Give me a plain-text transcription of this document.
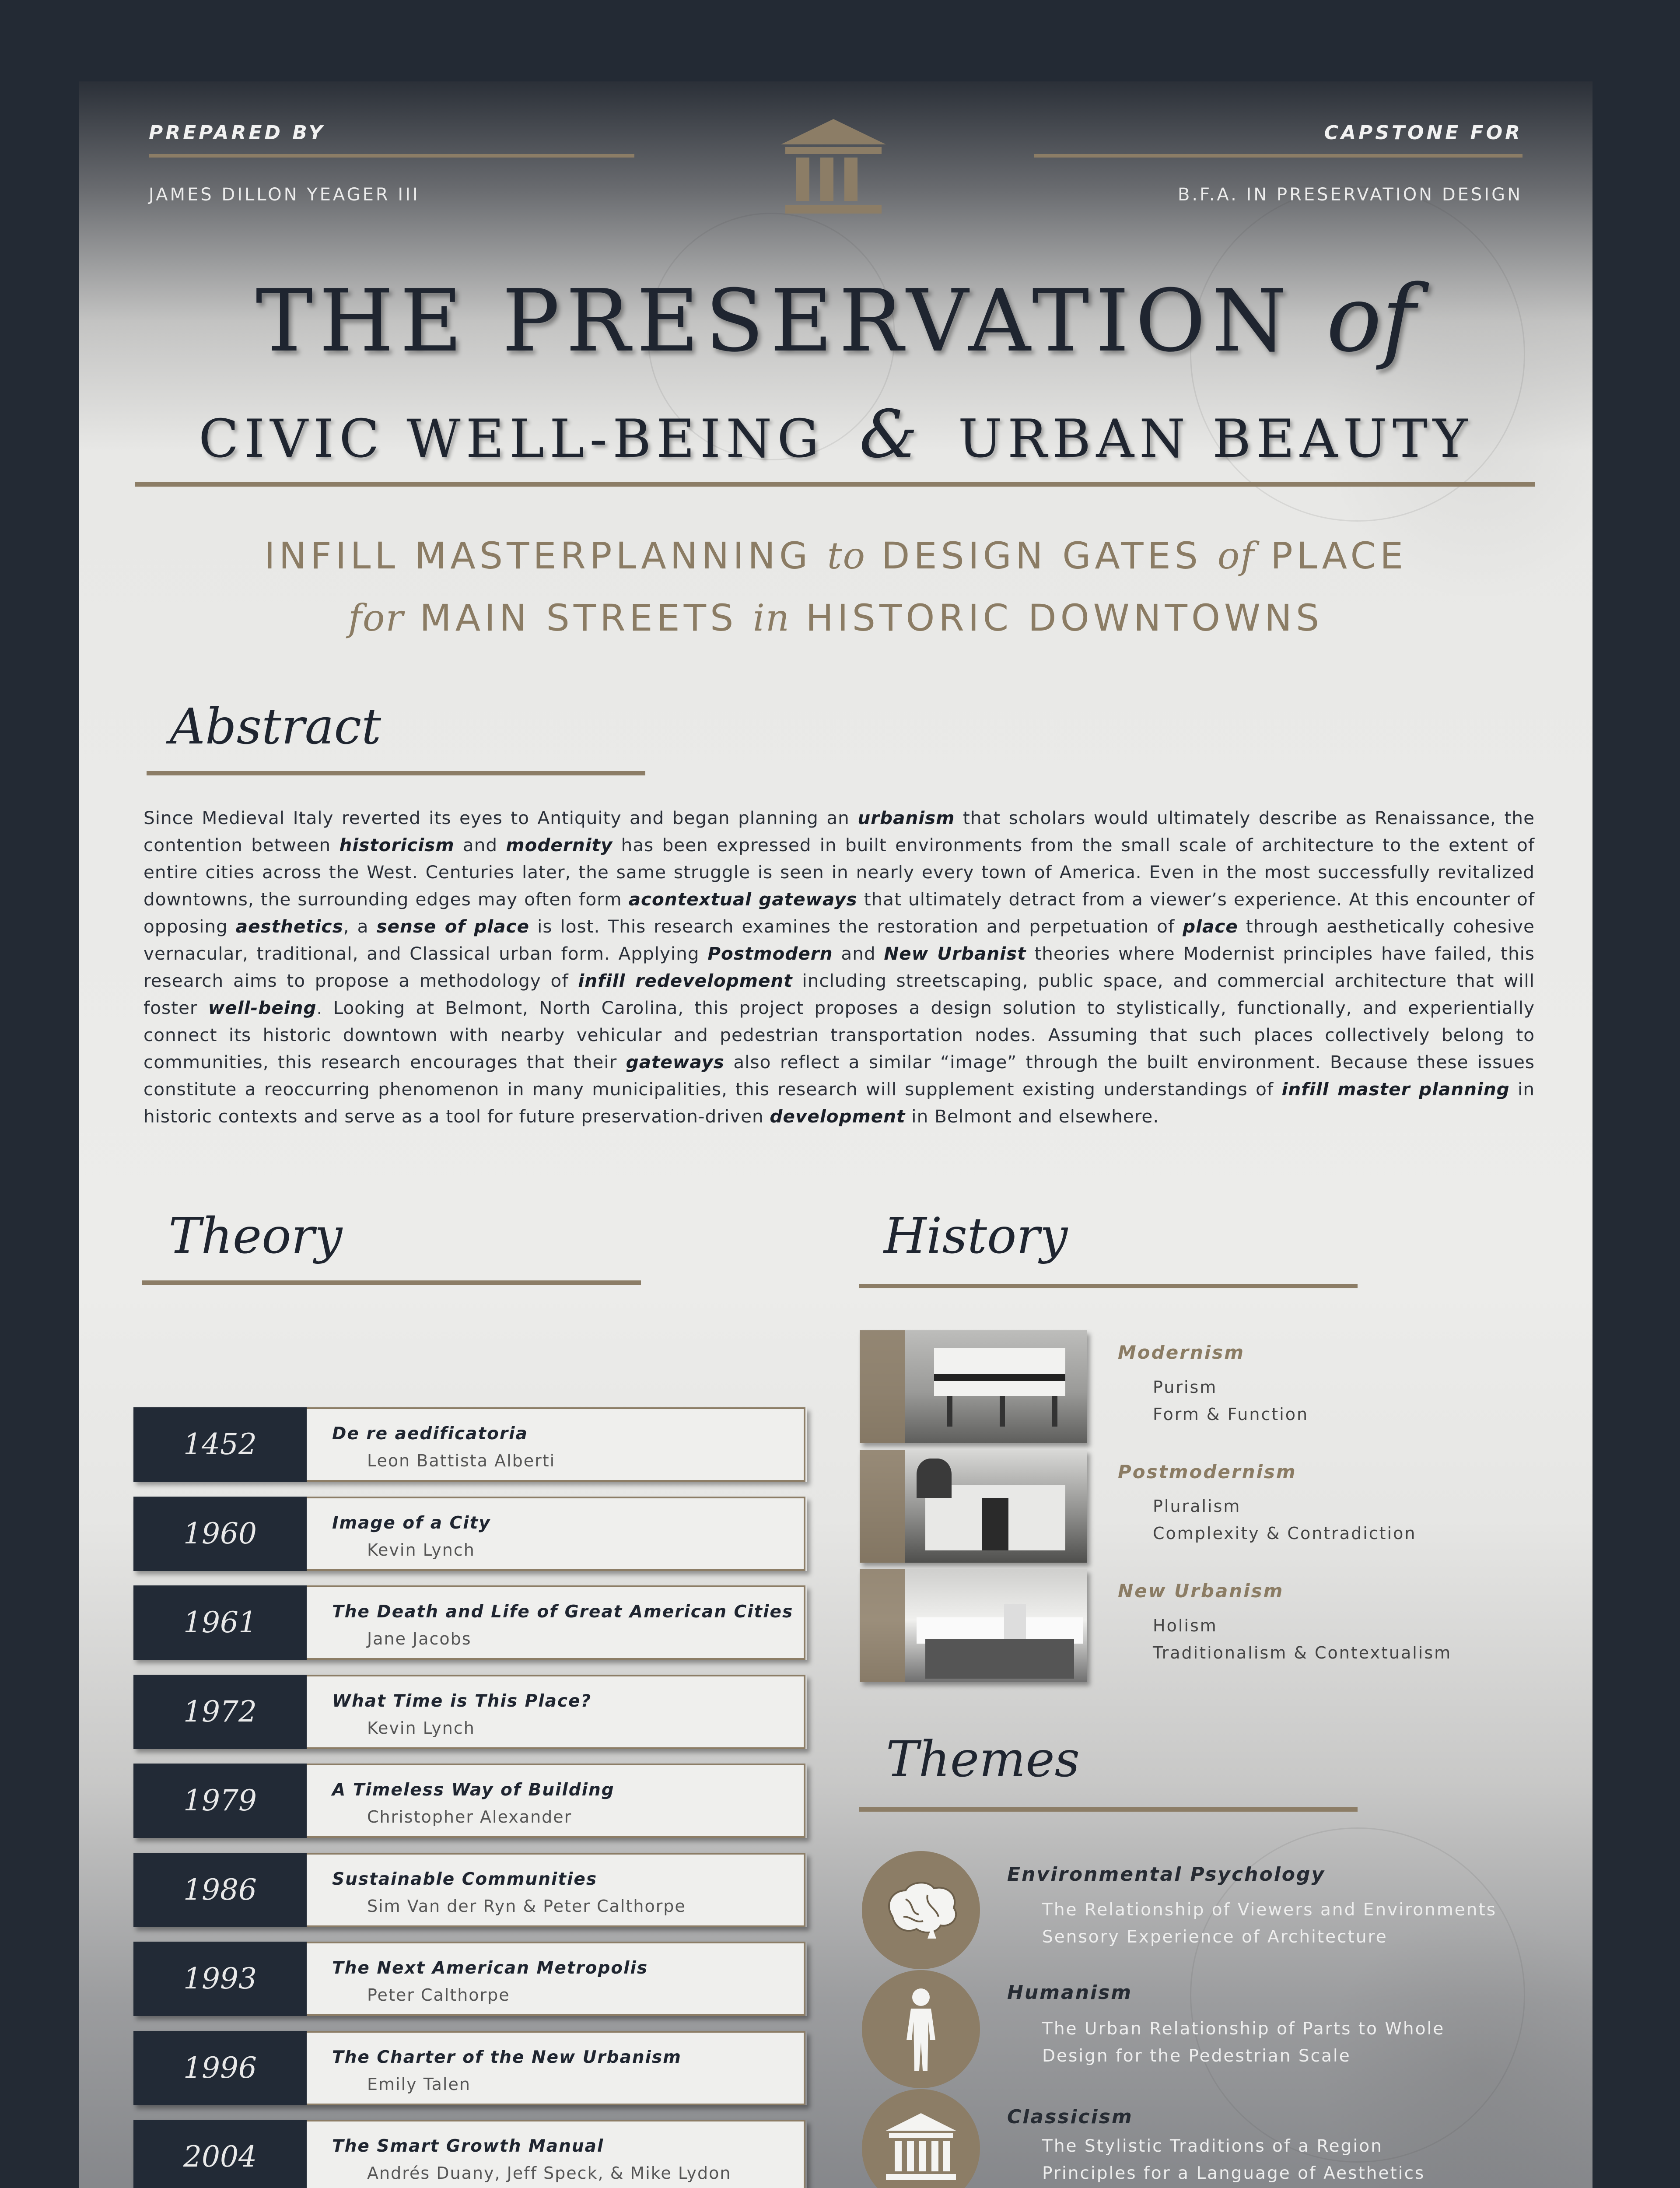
PREPARED BY
JAMES DILLON YEAGER III
CAPSTONE FOR
B.F.A. IN PRESERVATION DESIGN
THE PRESERVATION of
CIVIC WELL-BEING & URBAN BEAUTY
INFILL MASTERPLANNING to DESIGN GATES of PLACE
for MAIN STREETS in HISTORIC DOWNTOWNS
Abstract
Since Medieval Italy reverted its eyes to Antiquity and began planning an urbanism that scholars would ultimately describe as Renaissance, the contention between historicism and modernity has been expressed in built environments from the small scale of architecture to the extent of entire cities across the West. Centuries later, the same struggle is seen in nearly every town of America. Even in the most successfully revitalized downtowns, the surrounding edges may often form acontextual gateways that ultimately detract from a viewer’s experience. At this encounter of opposing aesthetics, a sense of place is lost. This research examines the restoration and perpetuation of place through aesthetically cohesive vernacular, traditional, and Classical urban form. Applying Postmodern and New Urbanist theories where Modernist principles have failed, this research aims to propose a methodology of infill redevelopment including streetscaping, public space, and commercial architecture that will foster well-being. Looking at Belmont, North Carolina, this project proposes a design solution to stylistically, functionally, and experientially connect its historic downtown with nearby vehicular and pedestrian transportation nodes. Assuming that such places collectively belong to communities, this research encourages that their gateways also reflect a similar “image” through the built environment. Because these issues constitute a reoccurring phenomenon in many municipalities, this research will supplement existing understandings of infill master planning in historic contexts and serve as a tool for future preservation-driven development in Belmont and elsewhere.
Theory
1452	De re aedificatoria
Leon Battista Alberti
1960	Image of a City
Kevin Lynch
1961	The Death and Life of Great American Cities
Jane Jacobs
1972	What Time is This Place?
Kevin Lynch
1979	A Timeless Way of Building
Christopher Alexander
1986	Sustainable Communities
Sim Van der Ryn & Peter Calthorpe
1993	The Next American Metropolis
Peter Calthorpe
1996	The Charter of the New Urbanism
Emily Talen
2004	The Smart Growth Manual
Andrés Duany, Jeff Speck, & Mike Lydon
History
Modernism
Purism
Form & Function
Postmodernism
Pluralism
Complexity & Contradiction
New Urbanism
Holism
Traditionalism & Contextualism
Themes
Environmental Psychology
The Relationship of Viewers and Environments
Sensory Experience of Architecture
Humanism
The Urban Relationship of Parts to Whole
Design for the Pedestrian Scale
Classicism
The Stylistic Traditions of a Region
Principles for a Language of Aesthetics
